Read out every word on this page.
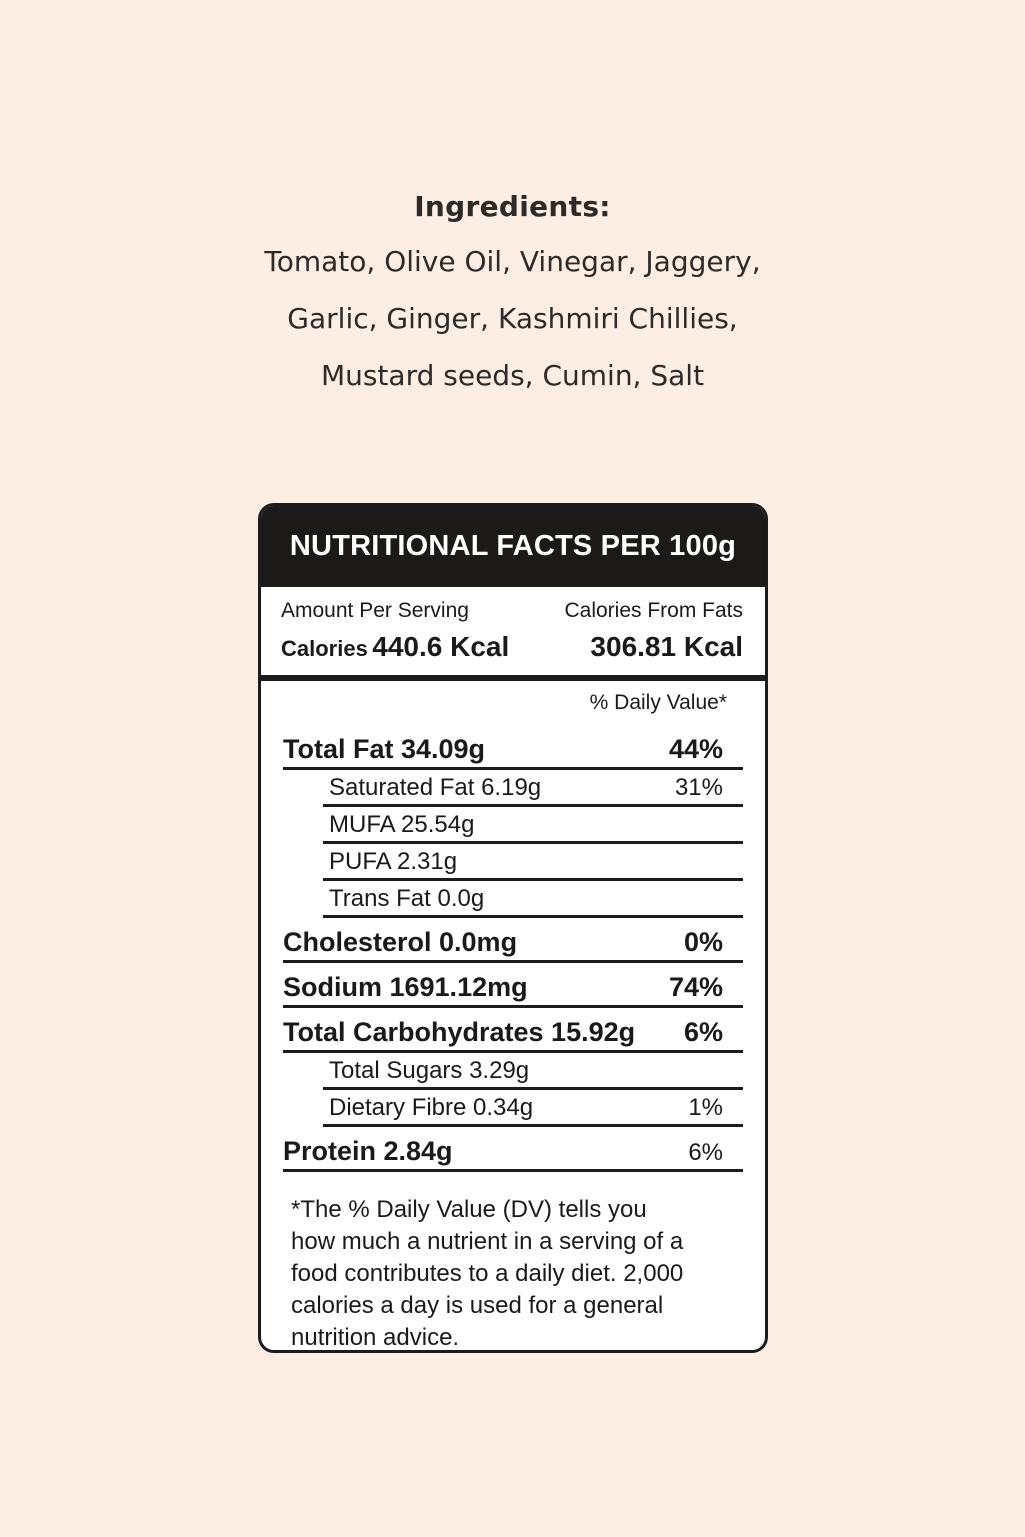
Ingredients:
Tomato, Olive Oil, Vinegar, Jaggery,
Garlic, Ginger, Kashmiri Chillies,
Mustard seeds, Cumin, Salt
NUTRITIONAL FACTS PER 100g
Amount Per Serving	Calories From Fats
Calories 440.6 Kcal	306.81 Kcal
% Daily Value*
Total Fat 34.09g	44%
Saturated Fat 6.19g	31%
MUFA 25.54g
PUFA 2.31g
Trans Fat 0.0g
Cholesterol 0.0mg	0%
Sodium 1691.12mg	74%
Total Carbohydrates 15.92g 6%
Total Sugars 3.29g
Dietary Fibre 0.34g	1%
Protein 2.84g	6%
*The % Daily Value (DV) tells you
how much a nutrient in a serving of a
food contributes to a daily diet. 2,000
calories a day is used for a general
nutrition advice.
